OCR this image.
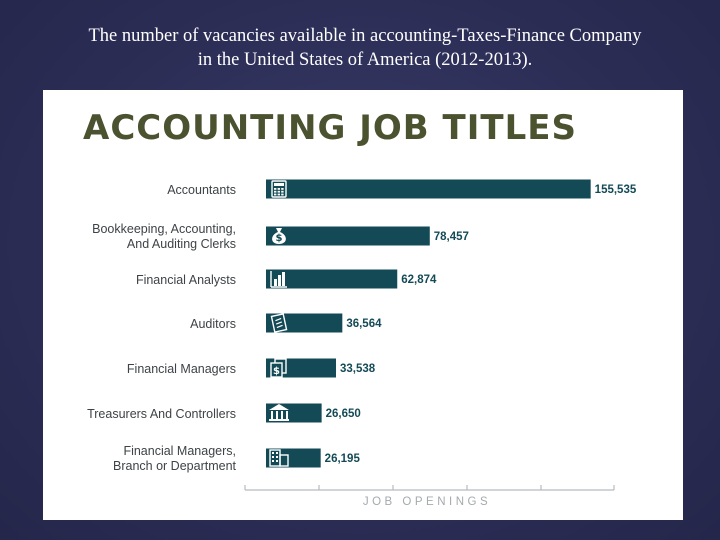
The number of vacancies available in accounting-Taxes-Finance Company
in the United States of America (2012-2013).
ACCOUNTING JOB TITLES
155,535
Accountants
$	78,457
Bookkeeping, Accounting,
And Auditing Clerks
62,874
Financial Analysts
36,564
Auditors
$	33,538
Financial Managers
26,650
Treasurers And Controllers
26,195
Financial Managers,
Branch or Department
JOB OPENINGS
